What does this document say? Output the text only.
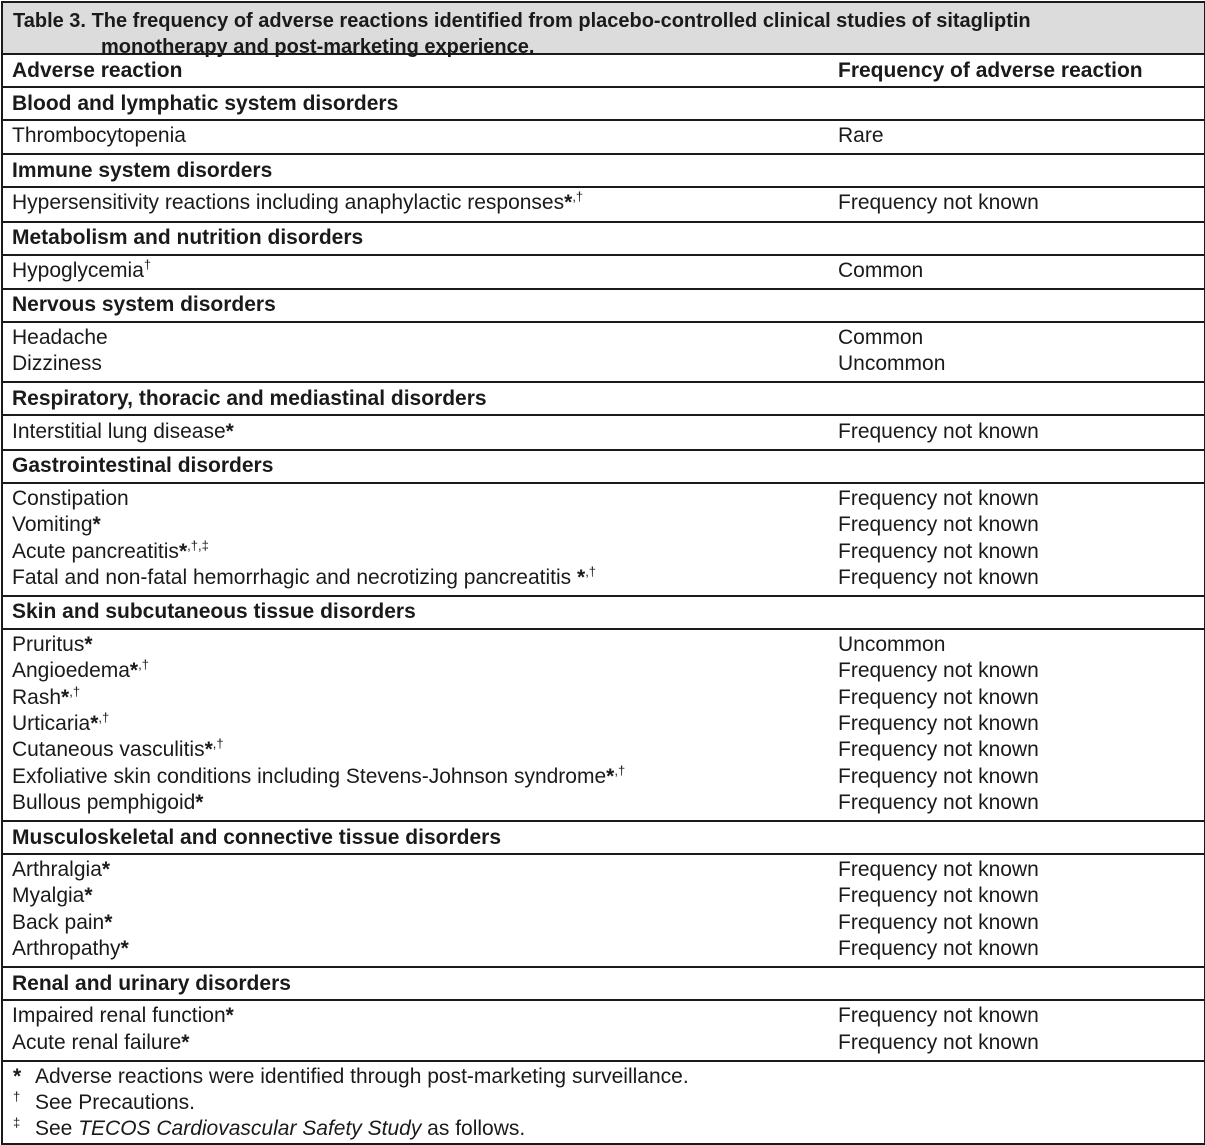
Table 3. The frequency of adverse reactions identified from placebo-controlled clinical studies of sitagliptin
monotherapy and post-marketing experience.
Adverse reaction	Frequency of adverse reaction
Blood and lymphatic system disorders
Thrombocytopenia	Rare
Immune system disorders
Hypersensitivity reactions including anaphylactic responses*,†	Frequency not known
Metabolism and nutrition disorders
Hypoglycemia†	Common
Nervous system disorders
Headache	Common
Dizziness	Uncommon
Respiratory, thoracic and mediastinal disorders
Interstitial lung disease*	Frequency not known
Gastrointestinal disorders
Constipation	Frequency not known
Vomiting*	Frequency not known
Acute pancreatitis*,†,‡	Frequency not known
Fatal and non-fatal hemorrhagic and necrotizing pancreatitis *,†	Frequency not known
Skin and subcutaneous tissue disorders
Pruritus*	Uncommon
Angioedema*,†	Frequency not known
Rash*,†	Frequency not known
Urticaria*,†	Frequency not known
Cutaneous vasculitis*,†	Frequency not known
Exfoliative skin conditions including Stevens-Johnson syndrome*,†	Frequency not known
Bullous pemphigoid*	Frequency not known
Musculoskeletal and connective tissue disorders
Arthralgia*	Frequency not known
Myalgia*	Frequency not known
Back pain*	Frequency not known
Arthropathy*	Frequency not known
Renal and urinary disorders
Impaired renal function*	Frequency not known
Acute renal failure*	Frequency not known
* Adverse reactions were identified through post-marketing surveillance.
† See Precautions.
‡ See TECOS Cardiovascular Safety Study as follows.
